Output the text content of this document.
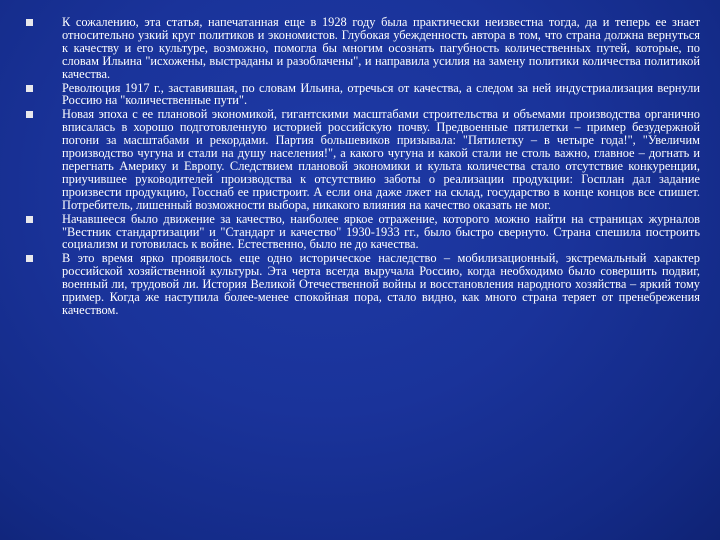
К сожалению, эта статья, напечатанная еще в 1928 году была практически неизвестна тогда, да и теперь ее знает относительно узкий круг политиков и экономистов. Глубокая убежденность автора в том, что страна должна вернуться к качеству и его культуре, возможно, помогла бы многим осознать пагубность количественных путей, которые, по словам Ильина "исхожены, выстраданы и разоблачены", и направила усилия на замену политики количества политикой качества.
Революция 1917 г., заставившая, по словам Ильина, отречься от качества, а следом за ней индустриализация вернули Россию на "количественные пути".
Новая эпоха с ее плановой экономикой, гигантскими масштабами строительства и объемами производства органично вписалась в хорошо подготовленную историей российскую почву. Предвоенные пятилетки – пример безудержной погони за масштабами и рекордами. Партия большевиков призывала: "Пятилетку – в четыре года!", "Увеличим производство чугуна и стали на душу населения!", а какого чугуна и какой стали не столь важно, главное – догнать и перегнать Америку и Европу. Следствием плановой экономики и культа количества стало отсутствие конкуренции, приучившее руководителей производства к отсутствию заботы о реализации продукции: Госплан дал задание произвести продукцию, Госснаб ее пристроит. А если она даже лжет на склад, государство в конце концов все спишет. Потребитель, лишенный возможности выбора, никакого влияния на качество оказать не мог.
Начавшееся было движение за качество, наиболее яркое отражение, которого можно найти на страницах журналов "Вестник стандартизации" и "Стандарт и качество" 1930-1933 гг., было быстро свернуто. Страна спешила построить социализм и готовилась к войне. Естественно, было не до качества.
В это время ярко проявилось еще одно историческое наследство – мобилизационный, экстремальный характер российской хозяйственной культуры. Эта черта всегда выручала Россию, когда необходимо было совершить подвиг, военный ли, трудовой ли. История Великой Отечественной войны и восстановления народного хозяйства – яркий тому пример. Когда же наступила более-менее спокойная пора, стало видно, как много страна теряет от пренебрежения качеством.
